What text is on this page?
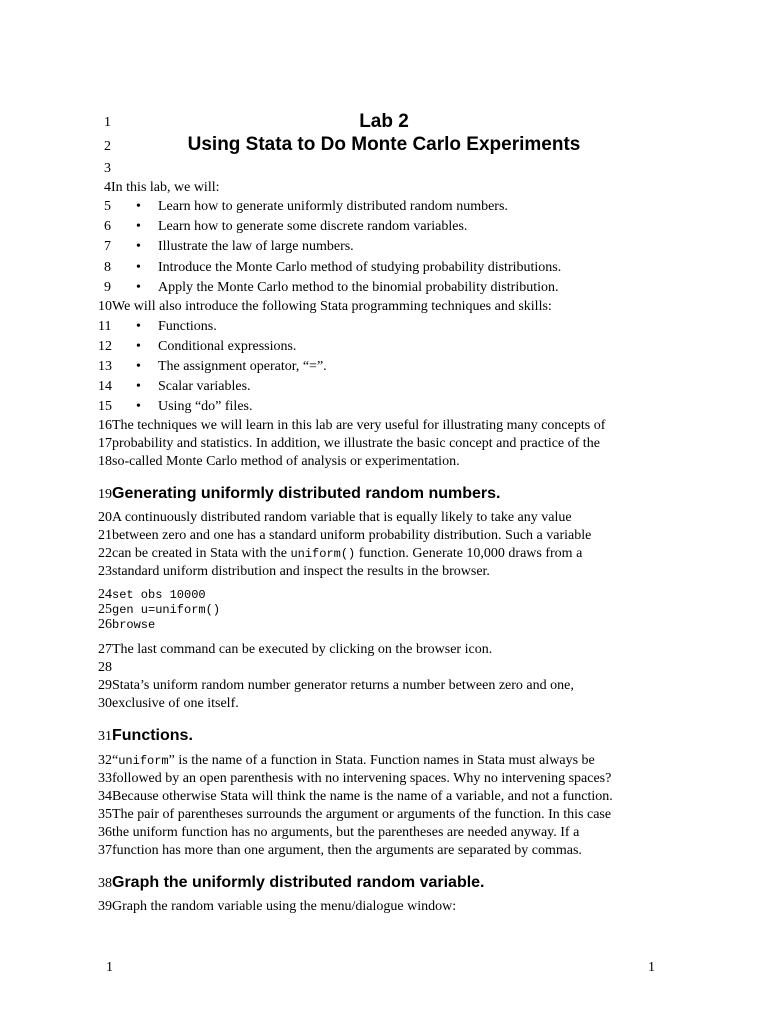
1	Lab 2
2	Using Stata to Do Monte Carlo Experiments
3
4In this lab, we will:
5 • Learn how to generate uniformly distributed random numbers.
6 • Learn how to generate some discrete random variables.
7 • Illustrate the law of large numbers.
8 • Introduce the Monte Carlo method of studying probability distributions.
9 • Apply the Monte Carlo method to the binomial probability distribution.
10We will also introduce the following Stata programming techniques and skills:
11 • Functions.
12 • Conditional expressions.
13 • The assignment operator, “=”.
14 • Scalar variables.
15 • Using “do” files.
16The techniques we will learn in this lab are very useful for illustrating many concepts of
17probability and statistics. In addition, we illustrate the basic concept and practice of the
18so-called Monte Carlo method of analysis or experimentation.
19Generating uniformly distributed random numbers.
20A continuously distributed random variable that is equally likely to take any value
21between zero and one has a standard uniform probability distribution. Such a variable
22can be created in Stata with the uniform() function. Generate 10,000 draws from a
23standard uniform distribution and inspect the results in the browser.
24set obs 10000
25gen u=uniform()
26browse
27The last command can be executed by clicking on the browser icon.
28
29Stata’s uniform random number generator returns a number between zero and one,
30exclusive of one itself.
31Functions.
32“uniform” is the name of a function in Stata. Function names in Stata must always be
33followed by an open parenthesis with no intervening spaces. Why no intervening spaces?
34Because otherwise Stata will think the name is the name of a variable, and not a function.
35The pair of parentheses surrounds the argument or arguments of the function. In this case
36the uniform function has no arguments, but the parentheses are needed anyway. If a
37function has more than one argument, then the arguments are separated by commas.
38Graph the uniformly distributed random variable.
39Graph the random variable using the menu/dialogue window:
1	1
